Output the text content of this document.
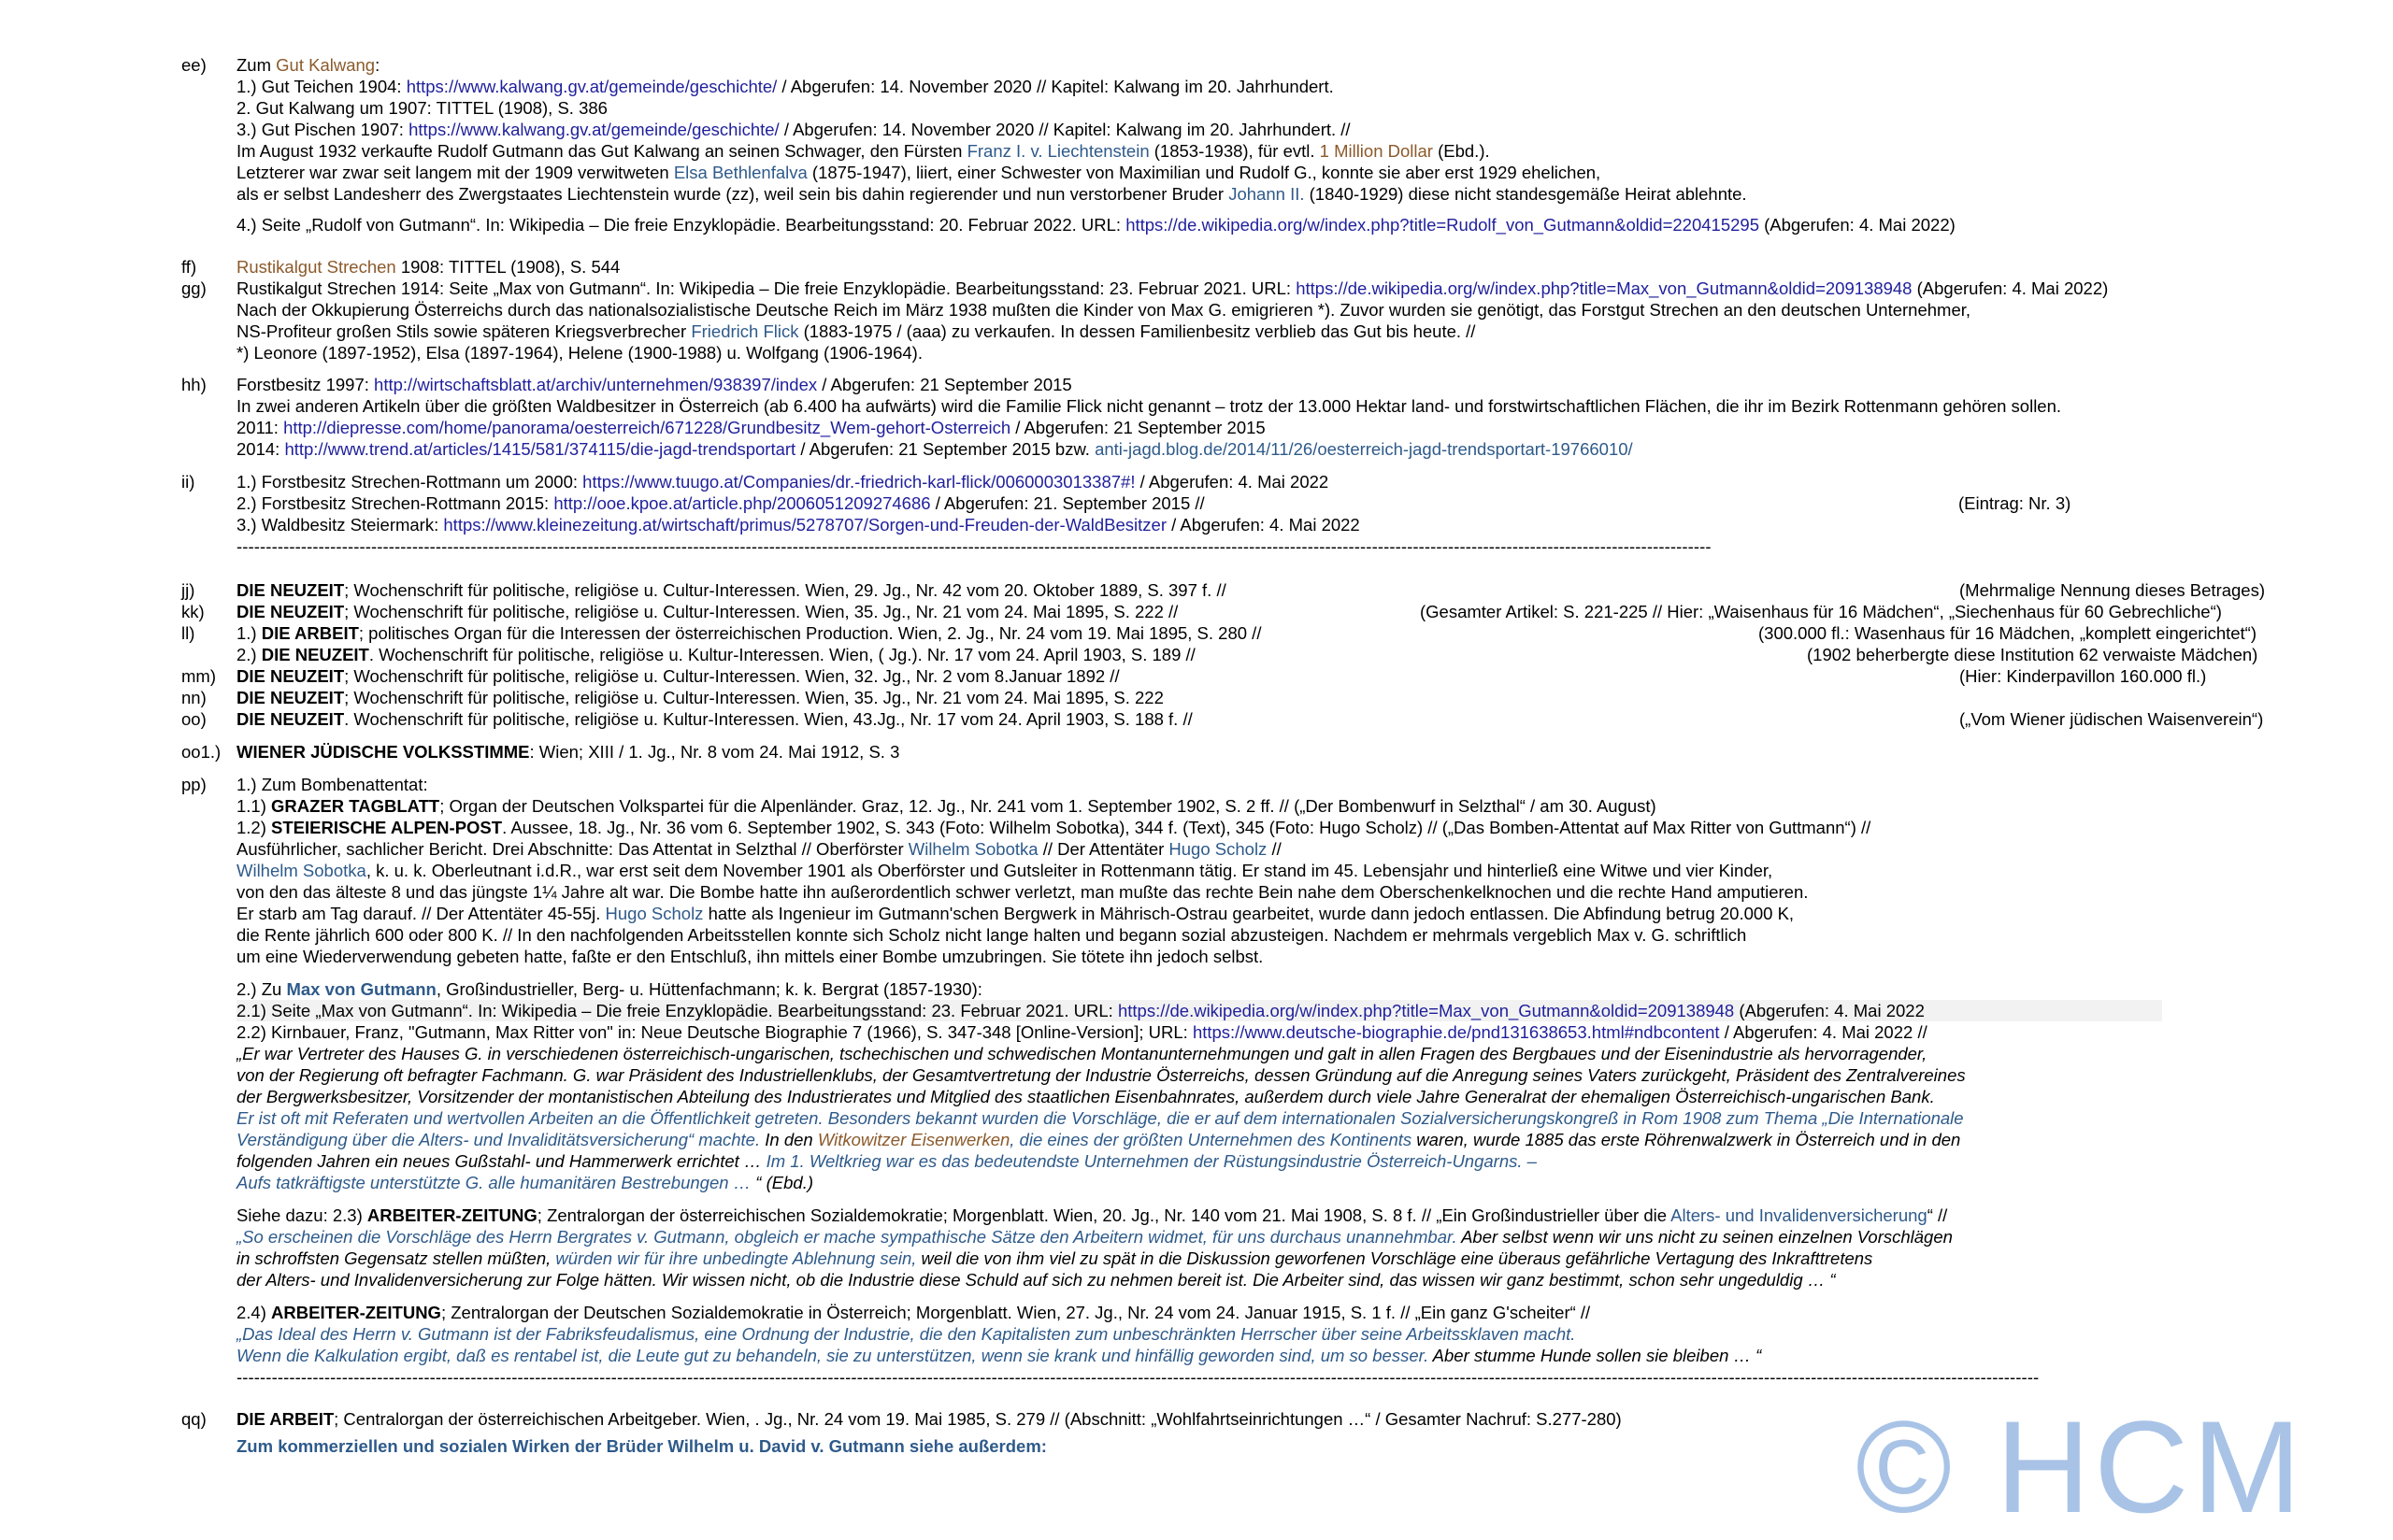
ee) Zum Gut Kalwang:
1.) Gut Teichen 1904: https://www.kalwang.gv.at/gemeinde/geschichte/ / Abgerufen: 14. November 2020 // Kapitel: Kalwang im 20. Jahrhundert.
2. Gut Kalwang um 1907: TITTEL (1908), S. 386
3.) Gut Pischen 1907: https://www.kalwang.gv.at/gemeinde/geschichte/ / Abgerufen: 14. November 2020 // Kapitel: Kalwang im 20. Jahrhundert. //
Im August 1932 verkaufte Rudolf Gutmann das Gut Kalwang an seinen Schwager, den Fürsten Franz I. v. Liechtenstein (1853-1938), für evtl. 1 Million Dollar (Ebd.).
Letzterer war zwar seit langem mit der 1909 verwitweten Elsa Bethlenfalva (1875-1947), liiert, einer Schwester von Maximilian und Rudolf G., konnte sie aber erst 1929 ehelichen,
als er selbst Landesherr des Zwergstaates Liechtenstein wurde (zz), weil sein bis dahin regierender und nun verstorbener Bruder Johann II. (1840-1929) diese nicht standesgemäße Heirat ablehnte.
4.) Seite „Rudolf von Gutmann“. In: Wikipedia – Die freie Enzyklopädie. Bearbeitungsstand: 20. Februar 2022. URL: https://de.wikipedia.org/w/index.php?title=Rudolf_von_Gutmann&oldid=220415295 (Abgerufen: 4. Mai 2022)
ff) Rustikalgut Strechen 1908: TITTEL (1908), S. 544
gg) Rustikalgut Strechen 1914: Seite „Max von Gutmann“. In: Wikipedia – Die freie Enzyklopädie. Bearbeitungsstand: 23. Februar 2021. URL: https://de.wikipedia.org/w/index.php?title=Max_von_Gutmann&oldid=209138948 (Abgerufen: 4. Mai 2022)
Nach der Okkupierung Österreichs durch das nationalsozialistische Deutsche Reich im März 1938 mußten die Kinder von Max G. emigrieren *). Zuvor wurden sie genötigt, das Forstgut Strechen an den deutschen Unternehmer,
NS-Profiteur großen Stils sowie späteren Kriegsverbrecher Friedrich Flick (1883-1975 / (aaa) zu verkaufen. In dessen Familienbesitz verblieb das Gut bis heute. //
*) Leonore (1897-1952), Elsa (1897-1964), Helene (1900-1988) u. Wolfgang (1906-1964).
hh) Forstbesitz 1997: http://wirtschaftsblatt.at/archiv/unternehmen/938397/index / Abgerufen: 21 September 2015
In zwei anderen Artikeln über die größten Waldbesitzer in Österreich (ab 6.400 ha aufwärts) wird die Familie Flick nicht genannt – trotz der 13.000 Hektar land- und forstwirtschaftlichen Flächen, die ihr im Bezirk Rottenmann gehören sollen.
2011: http://diepresse.com/home/panorama/oesterreich/671228/Grundbesitz_Wem-gehort-Osterreich / Abgerufen: 21 September 2015
2014: http://www.trend.at/articles/1415/581/374115/die-jagd-trendsportart / Abgerufen: 21 September 2015 bzw. anti-jagd.blog.de/2014/11/26/oesterreich-jagd-trendsportart-19766010/
ii) 1.) Forstbesitz Strechen-Rottmann um 2000: https://www.tuugo.at/Companies/dr.-friedrich-karl-flick/0060003013387#! / Abgerufen: 4. Mai 2022
2.) Forstbesitz Strechen-Rottmann 2015: http://ooe.kpoe.at/article.php/2006051209274686 / Abgerufen: 21. September 2015 //	(Eintrag: Nr. 3)
3.) Waldbesitz Steiermark: https://www.kleinezeitung.at/wirtschaft/primus/5278707/Sorgen-und-Freuden-der-WaldBesitzer / Abgerufen: 4. Mai 2022
------------------------------------------------------------------------------------------------------------------------------------------------------------------------------------------------------------------------------------------------------------
jj) DIE NEUZEIT; Wochenschrift für politische, religiöse u. Cultur-Interessen. Wien, 29. Jg., Nr. 42 vom 20. Oktober 1889, S. 397 f. //	(Mehrmalige Nennung dieses Betrages)
kk) DIE NEUZEIT; Wochenschrift für politische, religiöse u. Cultur-Interessen. Wien, 35. Jg., Nr. 21 vom 24. Mai 1895, S. 222 //	(Gesamter Artikel: S. 221-225 // Hier: „Waisenhaus für 16 Mädchen“, „Siechenhaus für 60 Gebrechliche“)
ll) 1.) DIE ARBEIT; politisches Organ für die Interessen der österreichischen Production. Wien, 2. Jg., Nr. 24 vom 19. Mai 1895, S. 280 //	(300.000 fl.: Wasenhaus für 16 Mädchen, „komplett eingerichtet“)
2.) DIE NEUZEIT. Wochenschrift für politische, religiöse u. Kultur-Interessen. Wien, ( Jg.). Nr. 17 vom 24. April 1903, S. 189 //	(1902 beherbergte diese Institution 62 verwaiste Mädchen)
mm) DIE NEUZEIT; Wochenschrift für politische, religiöse u. Cultur-Interessen. Wien, 32. Jg., Nr. 2 vom 8.Januar 1892 //	(Hier: Kinderpavillon 160.000 fl.)
nn) DIE NEUZEIT; Wochenschrift für politische, religiöse u. Cultur-Interessen. Wien, 35. Jg., Nr. 21 vom 24. Mai 1895, S. 222
oo) DIE NEUZEIT. Wochenschrift für politische, religiöse u. Kultur-Interessen. Wien, 43.Jg., Nr. 17 vom 24. April 1903, S. 188 f. //	(„Vom Wiener jüdischen Waisenverein“)
oo1.) WIENER JÜDISCHE VOLKSSTIMME: Wien; XIII / 1. Jg., Nr. 8 vom 24. Mai 1912, S. 3
pp) 1.) Zum Bombenattentat:
1.1) GRAZER TAGBLATT; Organ der Deutschen Volkspartei für die Alpenländer. Graz, 12. Jg., Nr. 241 vom 1. September 1902, S. 2 ff. // („Der Bombenwurf in Selzthal“ / am 30. August)
1.2) STEIERISCHE ALPEN-POST. Aussee, 18. Jg., Nr. 36 vom 6. September 1902, S. 343 (Foto: Wilhelm Sobotka), 344 f. (Text), 345 (Foto: Hugo Scholz) // („Das Bomben-Attentat auf Max Ritter von Guttmann“) //
Ausführlicher, sachlicher Bericht. Drei Abschnitte: Das Attentat in Selzthal // Oberförster Wilhelm Sobotka // Der Attentäter Hugo Scholz //
Wilhelm Sobotka, k. u. k. Oberleutnant i.d.R., war erst seit dem November 1901 als Oberförster und Gutsleiter in Rottenmann tätig. Er stand im 45. Lebensjahr und hinterließ eine Witwe und vier Kinder,
von den das älteste 8 und das jüngste 1¼ Jahre alt war. Die Bombe hatte ihn außerordentlich schwer verletzt, man mußte das rechte Bein nahe dem Oberschenkelknochen und die rechte Hand amputieren.
Er starb am Tag darauf. // Der Attentäter 45-55j. Hugo Scholz hatte als Ingenieur im Gutmann'schen Bergwerk in Mährisch-Ostrau gearbeitet, wurde dann jedoch entlassen. Die Abfindung betrug 20.000 K,
die Rente jährlich 600 oder 800 K. // In den nachfolgenden Arbeitsstellen konnte sich Scholz nicht lange halten und begann sozial abzusteigen. Nachdem er mehrmals vergeblich Max v. G. schriftlich
um eine Wiederverwendung gebeten hatte, faßte er den Entschluß, ihn mittels einer Bombe umzubringen. Sie tötete ihn jedoch selbst.
2.) Zu Max von Gutmann, Großindustrieller, Berg- u. Hüttenfachmann; k. k. Bergrat (1857-1930):
2.1) Seite „Max von Gutmann“. In: Wikipedia – Die freie Enzyklopädie. Bearbeitungsstand: 23. Februar 2021. URL: https://de.wikipedia.org/w/index.php?title=Max_von_Gutmann&oldid=209138948 (Abgerufen: 4. Mai 2022
2.2) Kirnbauer, Franz, "Gutmann, Max Ritter von" in: Neue Deutsche Biographie 7 (1966), S. 347-348 [Online-Version]; URL: https://www.deutsche-biographie.de/pnd131638653.html#ndbcontent / Abgerufen: 4. Mai 2022 //
„Er war Vertreter des Hauses G. in verschiedenen österreichisch-ungarischen, tschechischen und schwedischen Montanunternehmungen und galt in allen Fragen des Bergbaues und der Eisenindustrie als hervorragender,
von der Regierung oft befragter Fachmann. G. war Präsident des Industriellenklubs, der Gesamtvertretung der Industrie Österreichs, dessen Gründung auf die Anregung seines Vaters zurückgeht, Präsident des Zentralvereines
der Bergwerksbesitzer, Vorsitzender der montanistischen Abteilung des Industrierates und Mitglied des staatlichen Eisenbahnrates, außerdem durch viele Jahre Generalrat der ehemaligen Österreichisch-ungarischen Bank.
Er ist oft mit Referaten und wertvollen Arbeiten an die Öffentlichkeit getreten. Besonders bekannt wurden die Vorschläge, die er auf dem internationalen Sozialversicherungskongreß in Rom 1908 zum Thema „Die Internationale
Verständigung über die Alters- und Invaliditätsversicherung“ machte. In den Witkowitzer Eisenwerken, die eines der größten Unternehmen des Kontinents waren, wurde 1885 das erste Röhrenwalzwerk in Österreich und in den
folgenden Jahren ein neues Gußstahl- und Hammerwerk errichtet … Im 1. Weltkrieg war es das bedeutendste Unternehmen der Rüstungsindustrie Österreich-Ungarns. –
Aufs tatkräftigste unterstützte G. alle humanitären Bestrebungen … “ (Ebd.)
Siehe dazu: 2.3) ARBEITER-ZEITUNG; Zentralorgan der österreichischen Sozialdemokratie; Morgenblatt. Wien, 20. Jg., Nr. 140 vom 21. Mai 1908, S. 8 f. // „Ein Großindustrieller über die Alters- und Invalidenversicherung“ //
„So erscheinen die Vorschläge des Herrn Bergrates v. Gutmann, obgleich er mache sympathische Sätze den Arbeitern widmet, für uns durchaus unannehmbar. Aber selbst wenn wir uns nicht zu seinen einzelnen Vorschlägen
in schroffsten Gegensatz stellen müßten, würden wir für ihre unbedingte Ablehnung sein, weil die von ihm viel zu spät in die Diskussion geworfenen Vorschläge eine überaus gefährliche Vertagung des Inkrafttretens
der Alters- und Invalidenversicherung zur Folge hätten. Wir wissen nicht, ob die Industrie diese Schuld auf sich zu nehmen bereit ist. Die Arbeiter sind, das wissen wir ganz bestimmt, schon sehr ungeduldig … “
2.4) ARBEITER-ZEITUNG; Zentralorgan der Deutschen Sozialdemokratie in Österreich; Morgenblatt. Wien, 27. Jg., Nr. 24 vom 24. Januar 1915, S. 1 f. // „Ein ganz G'scheiter“ //
„Das Ideal des Herrn v. Gutmann ist der Fabriksfeudalismus, eine Ordnung der Industrie, die den Kapitalisten zum unbeschränkten Herrscher über seine Arbeitssklaven macht.
Wenn die Kalkulation ergibt, daß es rentabel ist, die Leute gut zu behandeln, sie zu unterstützen, wenn sie krank und hinfällig geworden sind, um so besser. Aber stumme Hunde sollen sie bleiben … “
--------------------------------------------------------------------------------------------------------------------------------------------------------------------------------------------------------------------------------------------------------------------------------------------------------------------
qq) DIE ARBEIT; Centralorgan der österreichischen Arbeitgeber. Wien, . Jg., Nr. 24 vom 19. Mai 1985, S. 279 // (Abschnitt: „Wohlfahrtseinrichtungen …“ / Gesamter Nachruf: S.277-280)
Zum kommerziellen und sozialen Wirken der Brüder Wilhelm u. David v. Gutmann siehe außerdem:	© HCM
